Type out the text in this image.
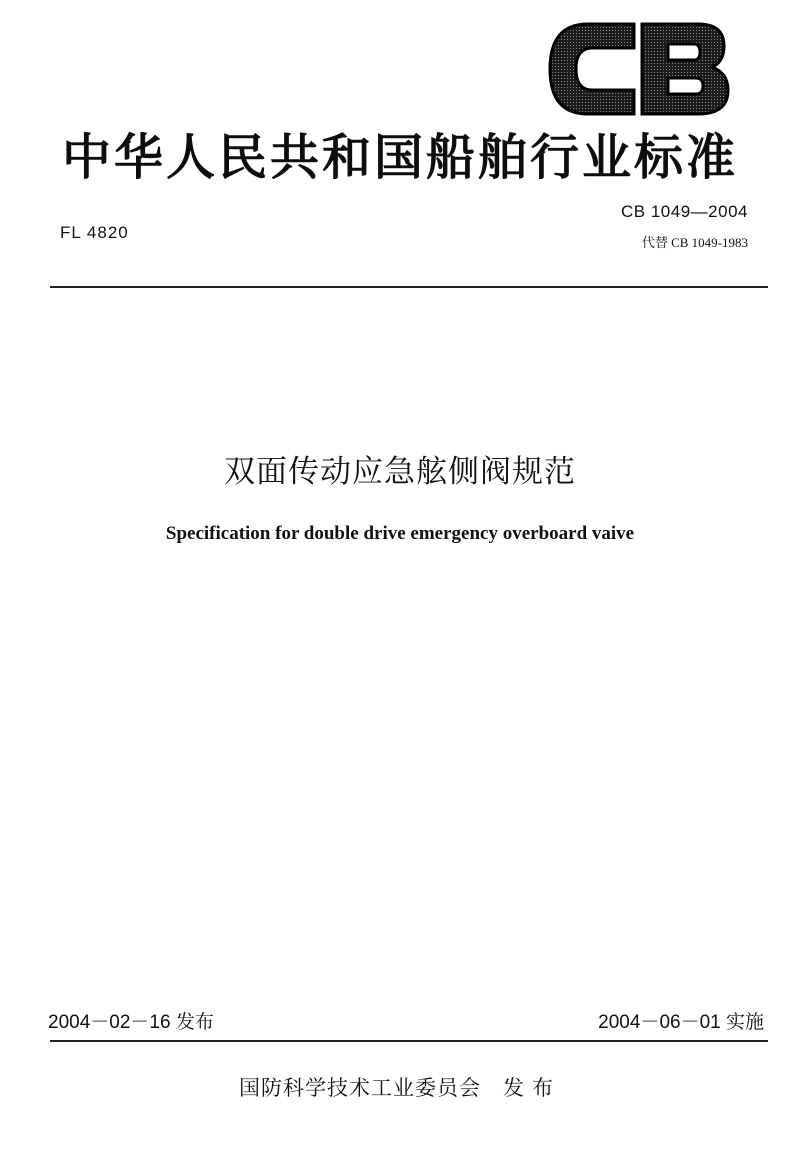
中华人民共和国船舶行业标准
FL 4820
CB 1049—2004
代替 CB 1049-1983
双面传动应急舷侧阀规范
Specification for double drive emergency overboard vaive
2004－02－16 发布	2004－06－01 实施
国防科学技术工业委员会 发布
